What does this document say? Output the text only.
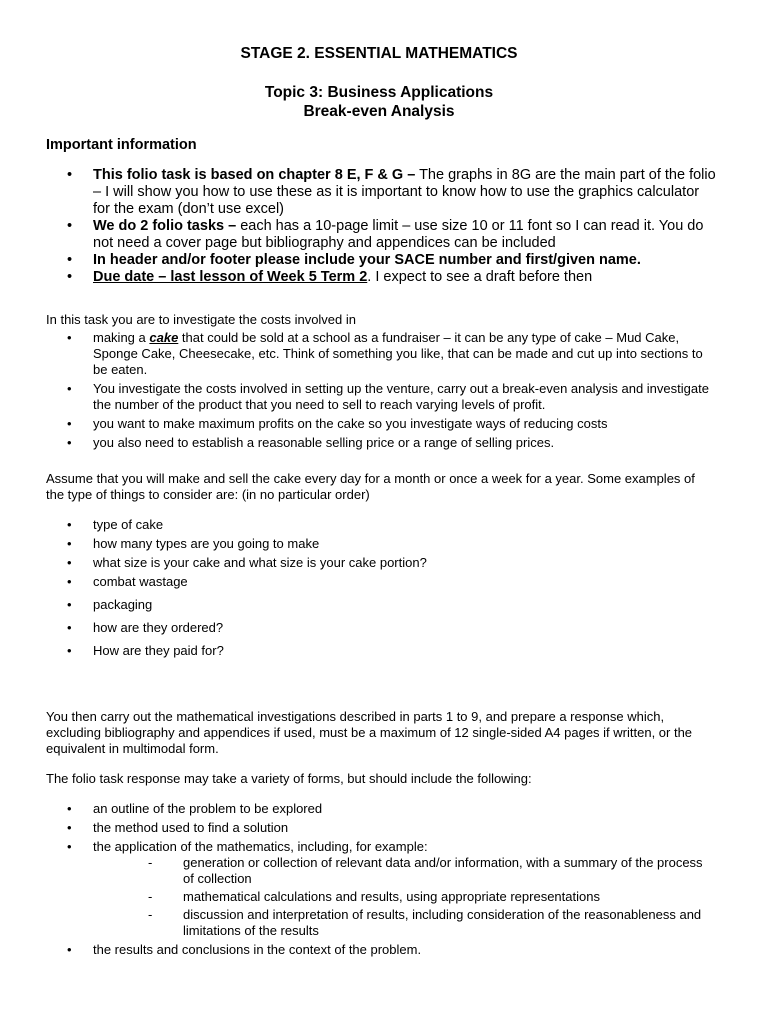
STAGE 2. ESSENTIAL MATHEMATICS
Topic 3: Business Applications
Break-even Analysis
Important information
• This folio task is based on chapter 8 E, F & G – The graphs in 8G are the main part of the folio – I will show you how to use these as it is important to know how to use the graphics calculator for the exam (don’t use excel)
• We do 2 folio tasks – each has a 10-page limit – use size 10 or 11 font so I can read it. You do not need a cover page but bibliography and appendices can be included
• In header and/or footer please include your SACE number and first/given name.
• Due date – last lesson of Week 5 Term 2. I expect to see a draft before then
In this task you are to investigate the costs involved in
• making a cake that could be sold at a school as a fundraiser – it can be any type of cake – Mud Cake, Sponge Cake, Cheesecake, etc. Think of something you like, that can be made and cut up into sections to be eaten.
• You investigate the costs involved in setting up the venture, carry out a break-even analysis and investigate the number of the product that you need to sell to reach varying levels of profit.
• you want to make maximum profits on the cake so you investigate ways of reducing costs
• you also need to establish a reasonable selling price or a range of selling prices.
Assume that you will make and sell the cake every day for a month or once a week for a year. Some examples of the type of things to consider are: (in no particular order)
• type of cake
• how many types are you going to make
• what size is your cake and what size is your cake portion?
• combat wastage
• packaging
• how are they ordered?
• How are they paid for?
You then carry out the mathematical investigations described in parts 1 to 9, and prepare a response which, excluding bibliography and appendices if used, must be a maximum of 12 single-sided A4 pages if written, or the equivalent in multimodal form.
The folio task response may take a variety of forms, but should include the following:
• an outline of the problem to be explored
• the method used to find a solution
• the application of the mathematics, including, for example:
- generation or collection of relevant data and/or information, with a summary of the process of collection
- mathematical calculations and results, using appropriate representations
- discussion and interpretation of results, including consideration of the reasonableness and limitations of the results
• the results and conclusions in the context of the problem.
